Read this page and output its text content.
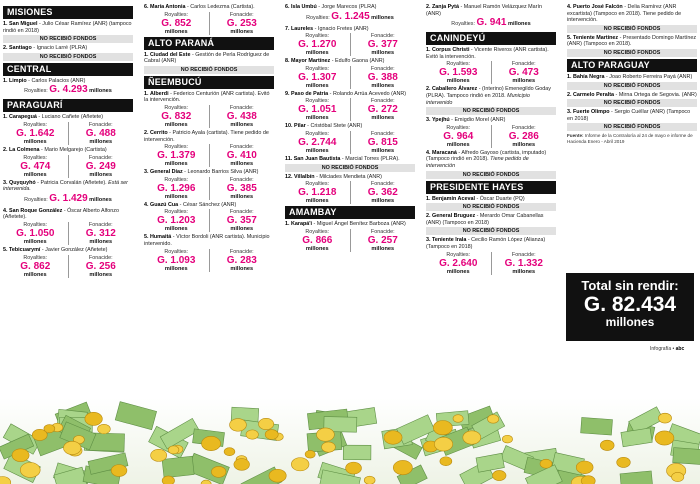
MISIONES
1. San Miguel - Julio César Ramírez (ANR) (tampoco rindió en 2018)
NO RECIBIÓ FONDOS
2. Santiago - Ignacio Larré (PLRA)
NO RECIBIÓ FONDOS
CENTRAL
1. Limpio - Carlos Palacios (ANR)
Royalties: G. 4.293 millones
PARAGUARÍ
1. Carapeguá - Luciano Cañete (Añetete)
Royalties:
G. 1.642
millones
Fonacide:
G. 488
millones
2. La Colmena - Mario Melgarejo (Cartista)
Royalties:
G. 474
millones
Fonacide:
G. 249
millones
3. Quyquyhó - Patricia Corvalán (Añetete). Está ser intervenida.
Royalties: G. 1.429 millones
4. San Roque González - Óscar Alberto Alfonzo (Añetete).
Royalties:
G. 1.050
millones
Fonacide:
G. 312
millones
5. Tebicuarymí - Javier González (Añetete)
Royalties:
G. 862
millones
Fonacide:
G. 256
millones
6. María Antonia - Carlos Ledezma (Cartista).
Royalties:
G. 852
millones
Fonacide:
G. 253
millones
ALTO PARANÁ
1. Ciudad del Este - Gestión de Perla Rodríguez de Cabral (ANR)
NO RECIBIÓ FONDOS
ÑEEMBUCÚ
1. Alberdi - Federico Centurión (ANR cartista). Evitó la intervención.
Royalties:
G. 832
millones
Fonacide:
G. 438
millones
2. Cerrito - Patricio Ayala (cartista). Tiene pedido de intervención.
Royalties:
G. 1.379
millones
Fonacide:
G. 410
millones
3. General Díaz - Leonardo Barrios Silva (ANR)
Royalties:
G. 1.296
millones
Fonacide:
G. 385
millones
4. Guazú Cua - César Sánchez (ANR)
Royalties:
G. 1.203
millones
Fonacide:
G. 357
millones
5. Humaitá - Víctor Bordoli (ANR cartista). Municipio intervenido.
Royalties:
G. 1.093
millones
Fonacide:
G. 283
millones
6. Isla Umbú - Jorge Marecos (PLRA)
Royalties: G. 1.245 millones
7. Laureles - Ignacio Fretes (ANR)
Royalties:
G. 1.270
millones
Fonacide:
G. 377
millones
8. Mayor Martínez - Edulfo Gaona (ANR)
Royalties:
G. 1.307
millones
Fonacide:
G. 388
millones
9. Paso de Patria - Rolando Arrúa Acevedo (ANR)
Royalties:
G. 1.051
millones
Fonacide:
G. 272
millones
10. Pilar - Cristóbal Stete (ANR)
Royalties:
G. 2.744
millones
Fonacide:
G. 815
millones
11. San Juan Bautista - Marcial Torres (PLRA).
NO RECIBIÓ FONDOS
12. Villalbín - Milciades Mendieta (ANR)
Royalties:
G. 1.218
millones
Fonacide:
G. 362
millones
AMAMBAY
1. Karapá'i - Miguel Ángel Benítez Barboza (ANR)
Royalties:
G. 866
millones
Fonacide:
G. 257
millones
2. Zanja Pytá - Manuel Ramón Velázquez Marín (ANR)
Royalties: G. 941 millones
CANINDEYÚ
1. Corpus Christi - Vicente Riveros (ANR cartista). Evitó la intervención.
Royalties:
G. 1.593
millones
Fonacide:
G. 473
millones
2. Caballero Álvarez - (Interino) Emenegildo Goday (PLRA). Tampoco rindió en 2018. Municipio intervenido
NO RECIBIÓ FONDOS
3. Ypejhú - Emigdio Morel (ANR)
Royalties:
G. 964
millones
Fonacide:
G. 286
millones
4. Maracaná - Alfredo Gayoso (cartista, imputado) (Tampoco rindió en 2018). Tiene pedido de intervención
NO RECIBIÓ FONDOS
PRESIDENTE HAYES
1. Benjamín Aceval - Óscar Duarte (PQ)
NO RECIBIÓ FONDOS
2. General Bruguez - Merardo Omar Cabanellas (ANR) (Tampoco en 2018)
NO RECIBIÓ FONDOS
3. Teniente Irala - Cecilio Ramón López (Alianza) (Tampoco en 2018)
Royalties:
G. 2.640
millones
Fonacide:
G. 1.332
millones
4. Puerto José Falcón - Delia Ramírez (ANR excartista) (Tampoco en 2018). Tiene pedido de intervención.
NO RECIBIÓ FONDOS
5. Teniente Martínez - Presentado Domingo Martínez (ANR) (Tampoco en 2018).
NO RECIBIÓ FONDOS
ALTO PARAGUAY
1. Bahía Negra - Joao Roberto Ferreira Payá (ANR)
NO RECIBIÓ FONDOS
2. Carmelo Peralta - Mirna Ortega de Segovia. (ANR)
NO RECIBIÓ FONDOS
3. Fuerte Olimpo - Sergio Cuéllar (ANR) (Tampoco en 2018)
NO RECIBIÓ FONDOS
Fuente: Informe de la Contraloría al 24 de mayo e informe de Hacienda Enero - Abril 2019
Total sin rendir:
G. 82.434
millones
Infografía • abc
